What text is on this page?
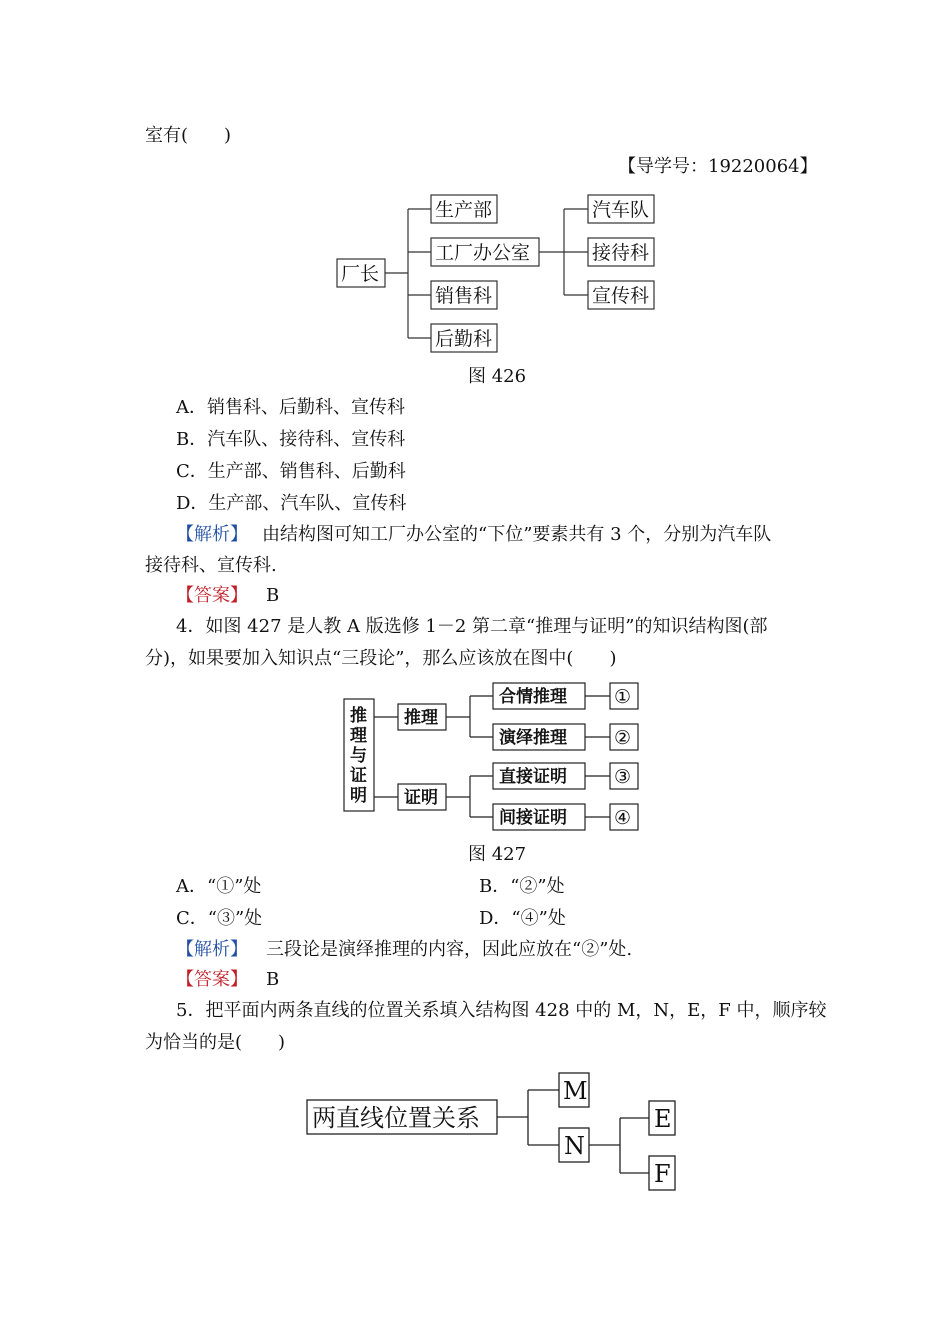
室有(　　)
【导学号：19220064】
厂长
生产部
工厂办公室
销售科
后勤科
汽车队
接待科
宣传科
推
理
与
证
明
推理
证明
合情推理
演绎推理
直接证明
间接证明
①
②
③
④
两直线位置关系
M
N
E
F
图 426
A．销售科、后勤科、宣传科
B．汽车队、接待科、宣传科
C．生产部、销售科、后勤科
D．生产部、汽车队、宣传科
【解析】 由结构图可知工厂办公室的“下位”要素共有 3 个，分别为汽车队
接待科、宣传科.
【答案】 B
4．如图 427 是人教 A 版选修 1－2 第二章“推理与证明”的知识结构图(部
分)，如果要加入知识点“三段论”，那么应该放在图中(　　)
图 427
A．“①”处	B．“②”处
C．“③”处	D．“④”处
【解析】 三段论是演绎推理的内容，因此应放在“②”处.
【答案】 B
5．把平面内两条直线的位置关系填入结构图 428 中的 M，N，E，F 中，顺序较
为恰当的是(　　)
